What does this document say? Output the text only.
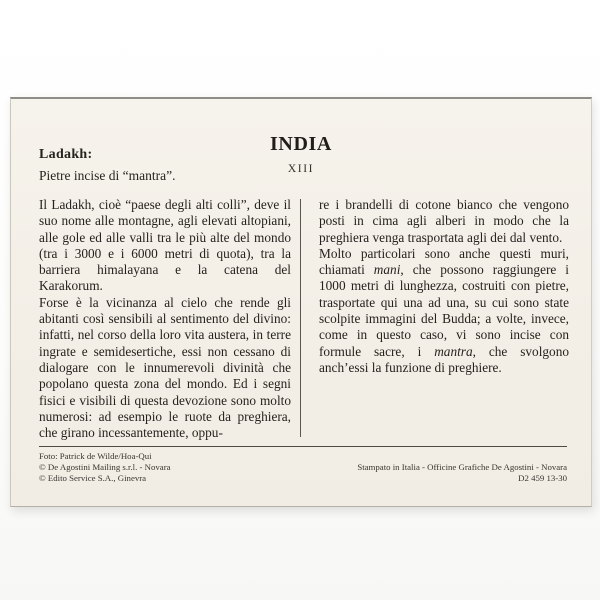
INDIA
XIII
Ladakh:
Pietre incise di “mantra”.

Il Ladakh, cioè “paese degli alti colli”, deve il suo nome alle montagne, agli elevati altopiani, alle gole ed alle valli tra le più alte del mondo (tra i 3000 e i 6000 metri di quota), tra la barriera himalayana e la catena del Karakorum.

Forse è la vicinanza al cielo che rende gli abitanti così sensibili al sentimento del divino: infatti, nel corso della loro vita austera, in terre ingrate e semidesertiche, essi non cessano di dialogare con le innumerevoli divinità che popolano questa zona del mondo. Ed i segni fisici e visibili di questa devozione sono molto numerosi: ad esempio le ruote da preghiera, che girano incessantemente, oppu-

re i brandelli di cotone bianco che vengono posti in cima agli alberi in modo che la preghiera venga trasportata agli dei dal vento.

Molto particolari sono anche questi muri, chiamati mani, che possono raggiungere i 1000 metri di lunghezza, costruiti con pietre, trasportate qui una ad una, su cui sono state scolpite immagini del Budda; a volte, invece, come in questo caso, vi sono incise con formule sacre, i mantra, che svolgono anch’essi la funzione di preghiere.

Foto: Patrick de Wilde/Hoa-Qui
© De Agostini Mailing s.r.l. - Novara
© Edito Service S.A., Ginevra
Stampato in Italia - Officine Grafiche De Agostini - Novara
D2 459 13-30
